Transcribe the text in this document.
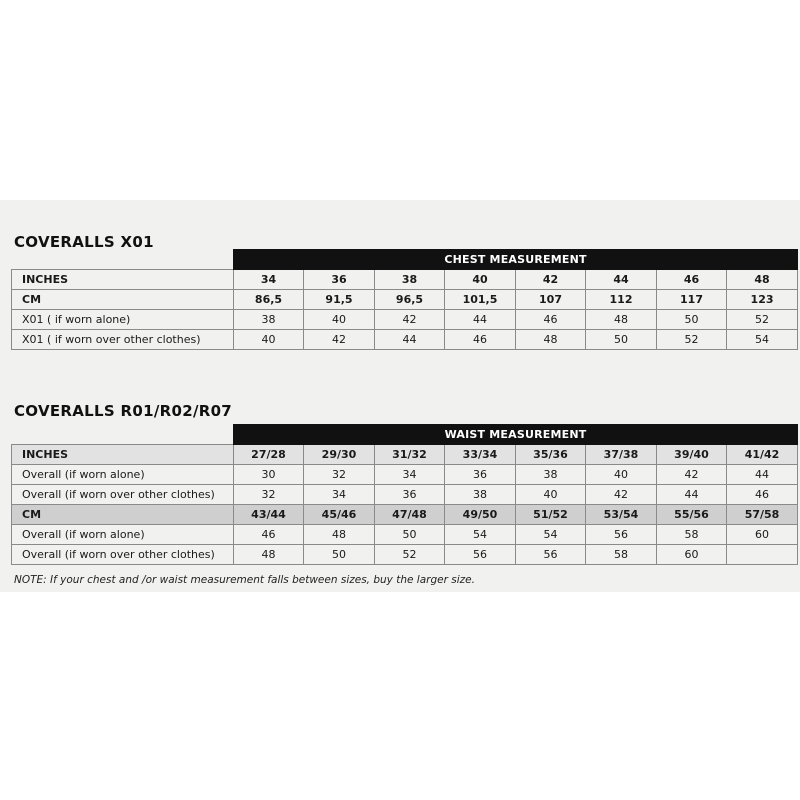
COVERALLS X01
	CHEST MEASUREMENT							
INCHES	34	36	38	40	42	44	46	48
CM	86,5	91,5	96,5	101,5	107	112	117	123
X01 ( if worn alone)	38	40	42	44	46	48	50	52
X01 ( if worn over other clothes)	40	42	44	46	48	50	52	54
COVERALLS R01/R02/R07
	WAIST MEASUREMENT							
INCHES	27/28	29/30	31/32	33/34	35/36	37/38	39/40	41/42
Overall (if worn alone)	30	32	34	36	38	40	42	44
Overall (if worn over other clothes)	32	34	36	38	40	42	44	46
CM	43/44	45/46	47/48	49/50	51/52	53/54	55/56	57/58
Overall (if worn alone)	46	48	50	54	54	56	58	60
Overall (if worn over other clothes)	48	50	52	56	56	58	60	
NOTE: If your chest and /or waist measurement falls between sizes, buy the larger size.
